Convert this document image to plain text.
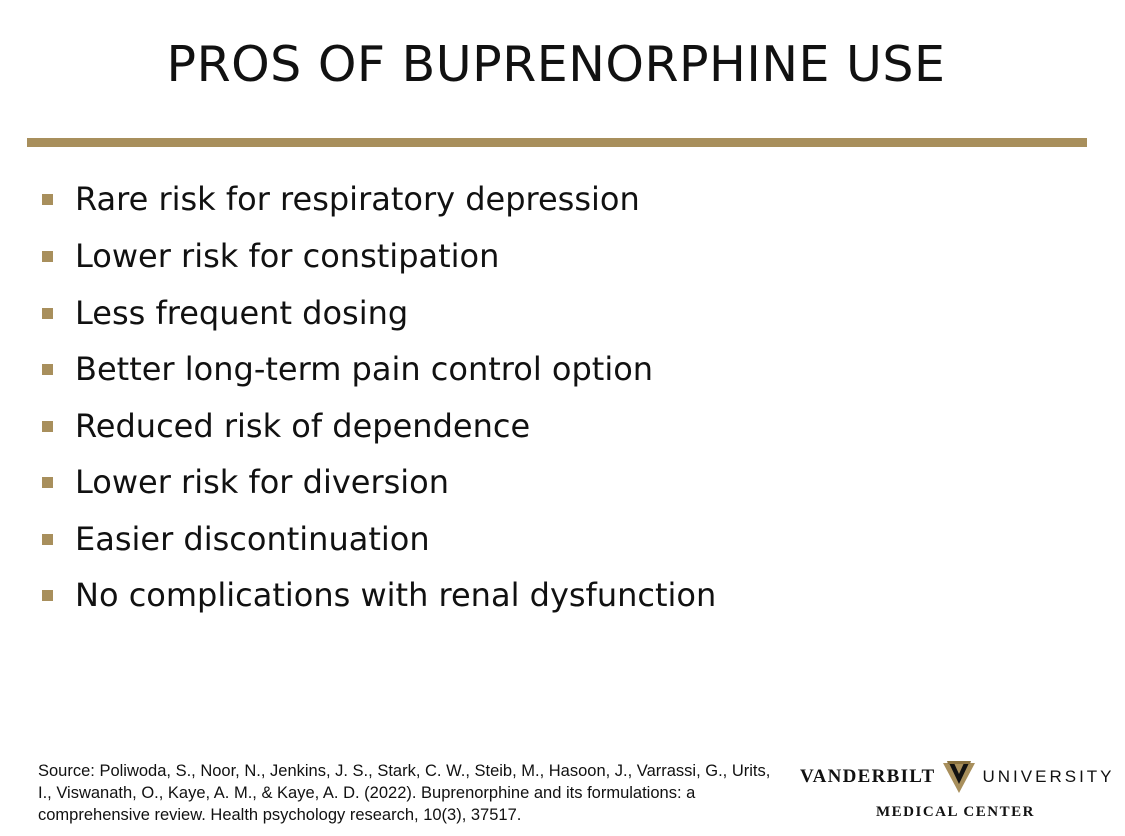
PROS OF BUPRENORPHINE USE
Rare risk for respiratory depression
Lower risk for constipation
Less frequent dosing
Better long-term pain control option
Reduced risk of dependence
Lower risk for diversion
Easier discontinuation
No complications with renal dysfunction
Source: Poliwoda, S., Noor, N., Jenkins, J. S., Stark, C. W., Steib, M., Hasoon, J., Varrassi, G., Urits, I., Viswanath, O., Kaye, A. M., & Kaye, A. D. (2022). Buprenorphine and its formulations: a comprehensive review. Health psychology research, 10(3), 37517.
VANDERBILT	UNIVERSITY
MEDICAL CENTER
